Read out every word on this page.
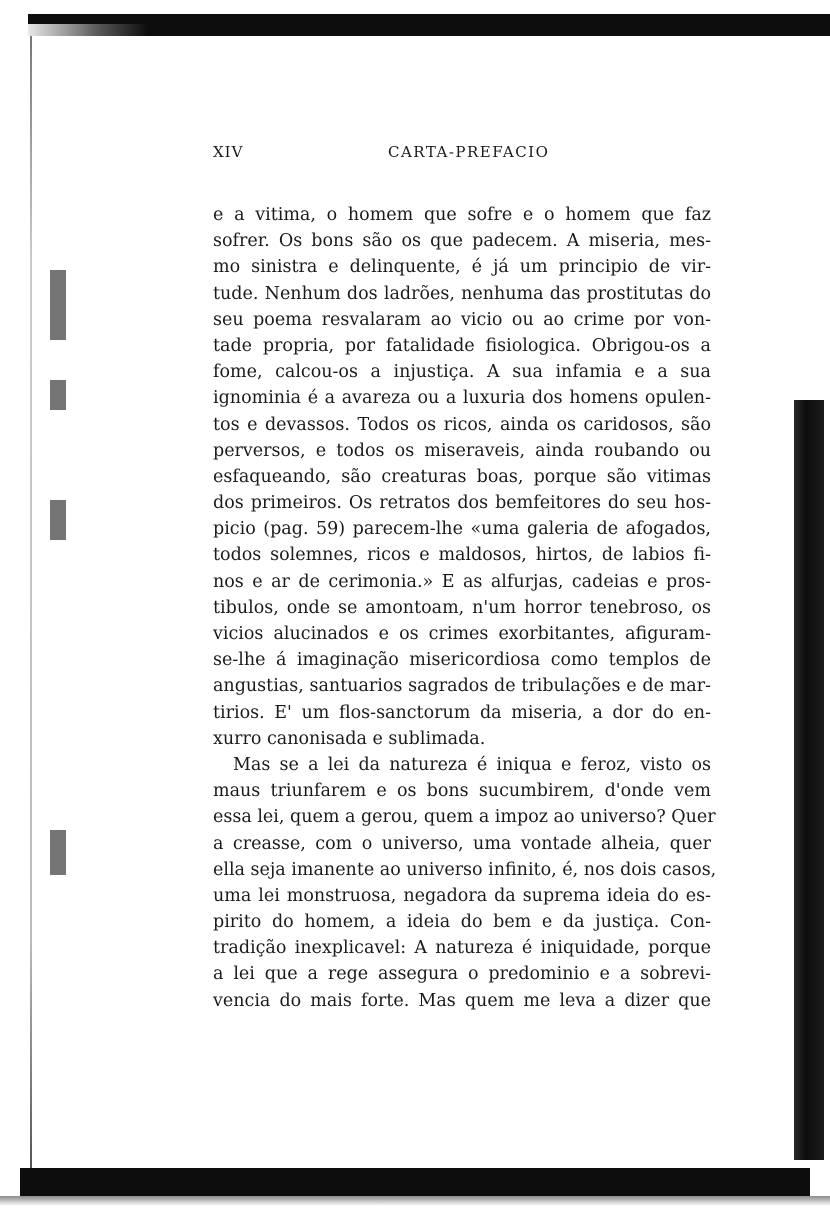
XIV	CARTA-PREFACIO
e a vitima, o homem que sofre e o homem que faz
sofrer. Os bons são os que padecem. A miseria, mes-
mo sinistra e delinquente, é já um principio de vir-
tude. Nenhum dos ladrões, nenhuma das prostitutas do
seu poema resvalaram ao vicio ou ao crime por von-
tade propria, por fatalidade fisiologica. Obrigou-os a
fome, calcou-os a injustiça. A sua infamia e a sua
ignominia é a avareza ou a luxuria dos homens opulen-
tos e devassos. Todos os ricos, ainda os caridosos, são
perversos, e todos os miseraveis, ainda roubando ou
esfaqueando, são creaturas boas, porque são vitimas
dos primeiros. Os retratos dos bemfeitores do seu hos-
picio (pag. 59) parecem-lhe «uma galeria de afogados,
todos solemnes, ricos e maldosos, hirtos, de labios fi-
nos e ar de cerimonia.» E as alfurjas, cadeias e pros-
tibulos, onde se amontoam, n'um horror tenebroso, os
vicios alucinados e os crimes exorbitantes, afiguram-
se-lhe á imaginação misericordiosa como templos de
angustias, santuarios sagrados de tribulações e de mar-
tirios. E' um flos-sanctorum da miseria, a dor do en-
xurro canonisada e sublimada.
Mas se a lei da natureza é iniqua e feroz, visto os
maus triunfarem e os bons sucumbirem, d'onde vem
essa lei, quem a gerou, quem a impoz ao universo? Quer
a creasse, com o universo, uma vontade alheia, quer
ella seja imanente ao universo infinito, é, nos dois casos,
uma lei monstruosa, negadora da suprema ideia do es-
pirito do homem, a ideia do bem e da justiça. Con-
tradição inexplicavel: A natureza é iniquidade, porque
a lei que a rege assegura o predominio e a sobrevi-
vencia do mais forte. Mas quem me leva a dizer que
